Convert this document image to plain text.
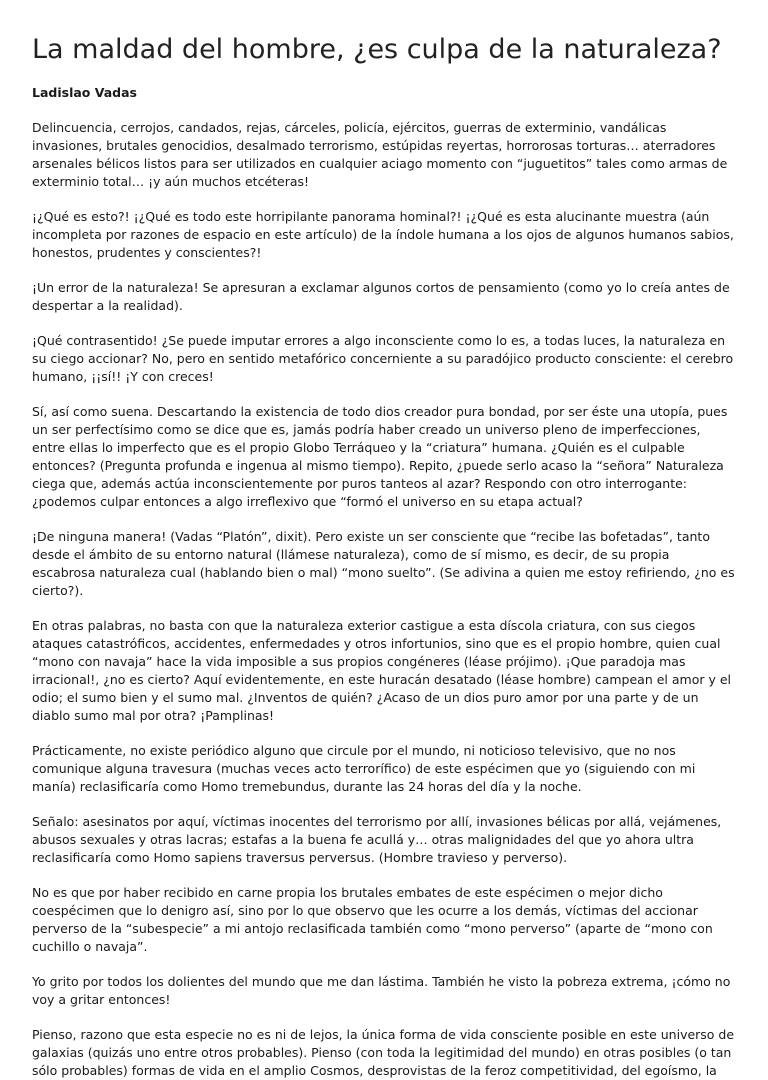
La maldad del hombre, ¿es culpa de la naturaleza?
Ladislao Vadas

Delincuencia, cerrojos, candados, rejas, cárceles, policía, ejércitos, guerras de exterminio, vandálicas invasiones, brutales genocidios, desalmado terrorismo, estúpidas reyertas, horrorosas torturas… aterradores arsenales bélicos listos para ser utilizados en cualquier aciago momento con “juguetitos” tales como armas de exterminio total… ¡y aún muchos etcéteras!

¡¿Qué es esto?! ¡¿Qué es todo este horripilante panorama hominal?! ¡¿Qué es esta alucinante muestra (aún incompleta por razones de espacio en este artículo) de la índole humana a los ojos de algunos humanos sabios, honestos, prudentes y conscientes?!

¡Un error de la naturaleza! Se apresuran a exclamar algunos cortos de pensamiento (como yo lo creía antes de despertar a la realidad).

¡Qué contrasentido! ¿Se puede imputar errores a algo inconsciente como lo es, a todas luces, la naturaleza en su ciego accionar? No, pero en sentido metafórico concerniente a su paradójico producto consciente: el cerebro humano, ¡¡sí!! ¡Y con creces!

Sí, así como suena. Descartando la existencia de todo dios creador pura bondad, por ser éste una utopía, pues un ser perfectísimo como se dice que es, jamás podría haber creado un universo pleno de imperfecciones, entre ellas lo imperfecto que es el propio Globo Terráqueo y la “criatura” humana. ¿Quién es el culpable entonces? (Pregunta profunda e ingenua al mismo tiempo). Repito, ¿puede serlo acaso la “señora” Naturaleza ciega que, además actúa inconscientemente por puros tanteos al azar? Respondo con otro interrogante: ¿podemos culpar entonces a algo irreflexivo que “formó el universo en su etapa actual?

¡De ninguna manera! (Vadas “Platón”, dixit). Pero existe un ser consciente que “recibe las bofetadas”, tanto desde el ámbito de su entorno natural (llámese naturaleza), como de sí mismo, es decir, de su propia escabrosa naturaleza cual (hablando bien o mal) “mono suelto”. (Se adivina a quien me estoy refiriendo, ¿no es cierto?).

En otras palabras, no basta con que la naturaleza exterior castigue a esta díscola criatura, con sus ciegos ataques catastróficos, accidentes, enfermedades y otros infortunios, sino que es el propio hombre, quien cual “mono con navaja” hace la vida imposible a sus propios congéneres (léase prójimo). ¡Que paradoja mas irracional!, ¿no es cierto? Aquí evidentemente, en este huracán desatado (léase hombre) campean el amor y el odio; el sumo bien y el sumo mal. ¿Inventos de quién? ¿Acaso de un dios puro amor por una parte y de un diablo sumo mal por otra? ¡Pamplinas!

Prácticamente, no existe periódico alguno que circule por el mundo, ni noticioso televisivo, que no nos comunique alguna travesura (muchas veces acto terrorífico) de este espécimen que yo (siguiendo con mi manía) reclasificaría como Homo tremebundus, durante las 24 horas del día y la noche.

Señalo: asesinatos por aquí, víctimas inocentes del terrorismo por allí, invasiones bélicas por allá, vejámenes, abusos sexuales y otras lacras; estafas a la buena fe acullá y… otras malignidades del que yo ahora ultra reclasificaría como Homo sapiens traversus perversus. (Hombre travieso y perverso).

No es que por haber recibido en carne propia los brutales embates de este espécimen o mejor dicho coespécimen que lo denigro así, sino por lo que observo que les ocurre a los demás, víctimas del accionar perverso de la “subespecie” a mi antojo reclasificada también como “mono perverso” (aparte de “mono con cuchillo o navaja”.

Yo grito por todos los dolientes del mundo que me dan lástima. También he visto la pobreza extrema, ¡cómo no voy a gritar entonces!

Pienso, razono que esta especie no es ni de lejos, la única forma de vida consciente posible en este universo de galaxias (quizás uno entre otros probables). Pienso (con toda la legitimidad del mundo) en otras posibles (o tan sólo probables) formas de vida en el amplio Cosmos, desprovistas de la feroz competitividad, del egoísmo, la
